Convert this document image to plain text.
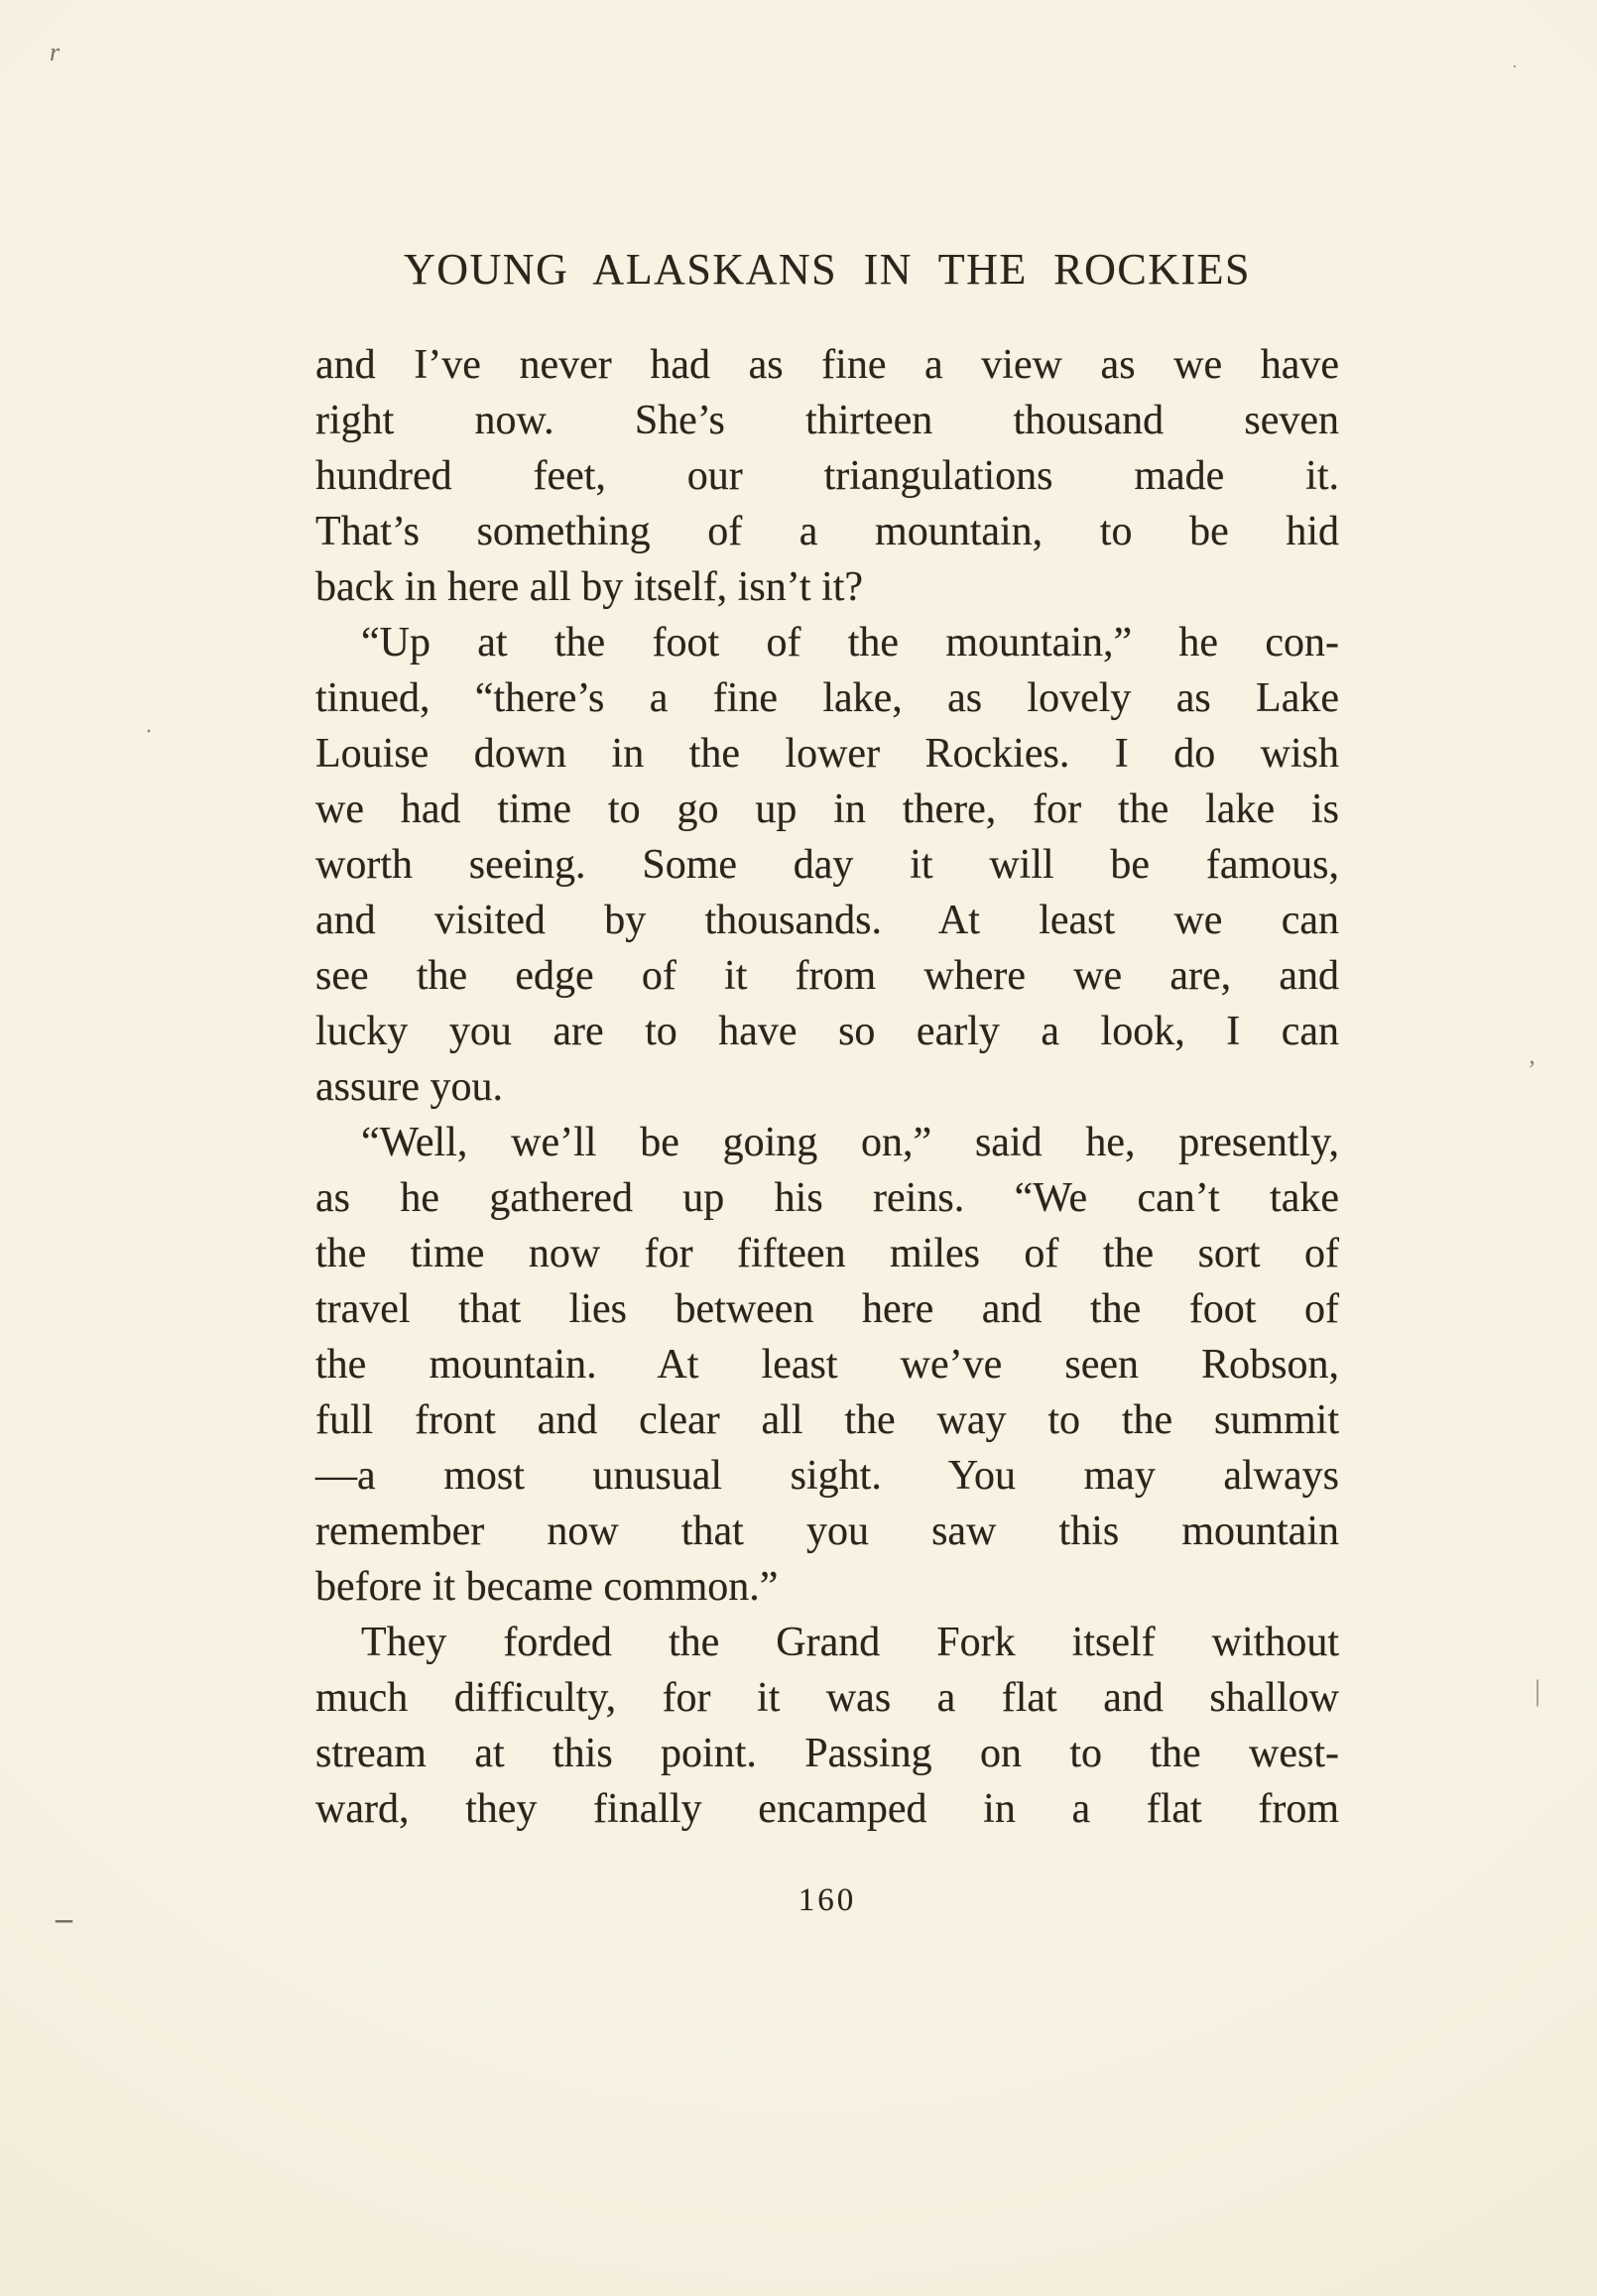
YOUNG ALASKANS IN THE ROCKIES
and I’ve never had as fine a view as we have
right now. She’s thirteen thousand seven
hundred feet, our triangulations made it.
That’s something of a mountain, to be hid
back in here all by itself, isn’t it?
“Up at the foot of the mountain,” he con-
tinued, “there’s a fine lake, as lovely as Lake
Louise down in the lower Rockies. I do wish
we had time to go up in there, for the lake is
worth seeing. Some day it will be famous,
and visited by thousands. At least we can
see the edge of it from where we are, and
lucky you are to have so early a look, I can
assure you.
“Well, we’ll be going on,” said he, presently,
as he gathered up his reins. “We can’t take
the time now for fifteen miles of the sort of
travel that lies between here and the foot of
the mountain. At least we’ve seen Robson,
full front and clear all the way to the summit
—a most unusual sight. You may always
remember now that you saw this mountain
before it became common.”
They forded the Grand Fork itself without
much difficulty, for it was a flat and shallow
stream at this point. Passing on to the west-
ward, they finally encamped in a flat from
160
r	·
·
’
|
–
